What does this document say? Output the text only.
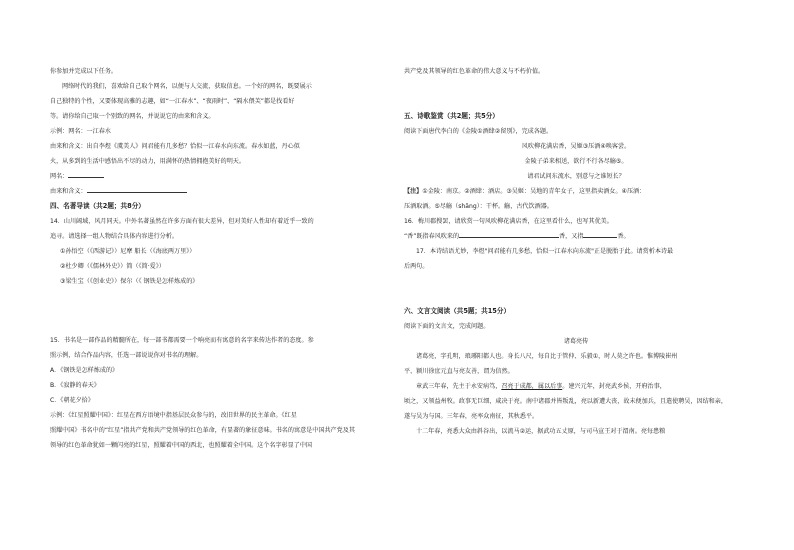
你参加并完成以下任务。
网络时代的我们，喜欢给自己取个网名，以便与人交流，获取信息。一个好的网名，既要展示
自己独特的个性，又要体现高雅的志趣，如“一江春水”、“夜雨时”、“隔水偎芙”都是找看好
等。请你给自己取一个别致的网名，并说说它的由来和含义。
示例：网名：一江春水
由来和含义：出自李煜《虞美人》问君能有几多愁？恰似一江春水向东流。春水如蓝，丹心似
火，从多到的生活中感悟出不尽的动力，用满怀的热情拥抱美好的明天。
网名：
由来和含义：
四、名著导读（共2题；共8分）
14．山川阔域，风月同天。中外名著虽然在许多方面有很大差异，但对美好人性却有着近乎一致的
追寻。请选择一组人物结合具体内容进行分析。
①孙悟空（《西游记》）尼摩 船长（《海底两万里》）
②杜少卿（《儒林外史》）简（《简·爱》）
③梁生宝（《创业史》）保尔（《 钢铁是怎样炼成的》
15．书名是一部作品的精髓所在，每一部书都需要一个响亮而有寓意的名字来传达作者的态度。参
照示例，结合作品内容，任选一部说说你对书名的理解。
A．《钢铁是怎样炼成的》
B．《寂静的春天》
C．《朝花夕拾》
示例：《红星照耀中国》：红星在西方语境中指基层民众参与的，改旧世界的民主革命。《红星
照耀中国》书名中的“红星”指共产党和共产党领导的红色革命，有显著的象征意味。书名的寓意是中国共产党及其
领导的红色革命犹如一颗闪亮的红星，照耀着中国的西北，也照耀着全中国。这个名字彰显了中国
共产党及其领导的红色革命的伟大意义与不朽价值。
五、诗歌鉴赏（共2题；共5分）
阅读下面唐代李白的《金陵①酒肆②留别》，完成各题。
风吹柳花满店香，吴姬③压酒④唤客尝。
金陵子弟来相送，欲行不行各尽觞⑤。
请君试问东流水，别意与之谁短长？
【注】①金陵：南京。②酒肆：酒店。③吴姬：吴地的青年女子，这里指卖酒女。④压酒：
压酒取酒。⑤尽觞（shāng）：干杯。觞，古代饮酒器。
16．梅川郡搜罢，请欣赏一句风吹柳花满店香，在这里看什么，也写其优美。
“香”既指春风吹来的	香，又指	香。
17．本诗结语尤妙，李煜"问君能有几多愁，恰似一江春水向东流"正是脱胎于此。请赏析本诗最
后两句。
六、文言文阅读（共5题；共15分）
阅读下面的文言文，完成问题。
诸葛亮传
诸葛亮，字孔明，琅琊阳都人也。身长八尺，每自比于管仲、乐毅①，时人莫之许也。惟博陵崔州
平、颍川徐庶元直与亮友善，谓为信然。
章武三年春，先主于永安病笃，召亮于成都，属以后事。建兴元年，封亮武乡侯，开府治事，
顷之，又领益州牧。政事无巨细，咸决于亮。南中诸郡并皆叛乱，亮以新遭大丧，故未便加兵，且遣使聘吴，因结和亲，
遂与吴为与国。三年春，亮率众南征，其秋悉平。
十二年春，亮悉大众由斜谷出，以流马②运，据武功五丈原，与司马宣王对于渭南。亮每患粮
